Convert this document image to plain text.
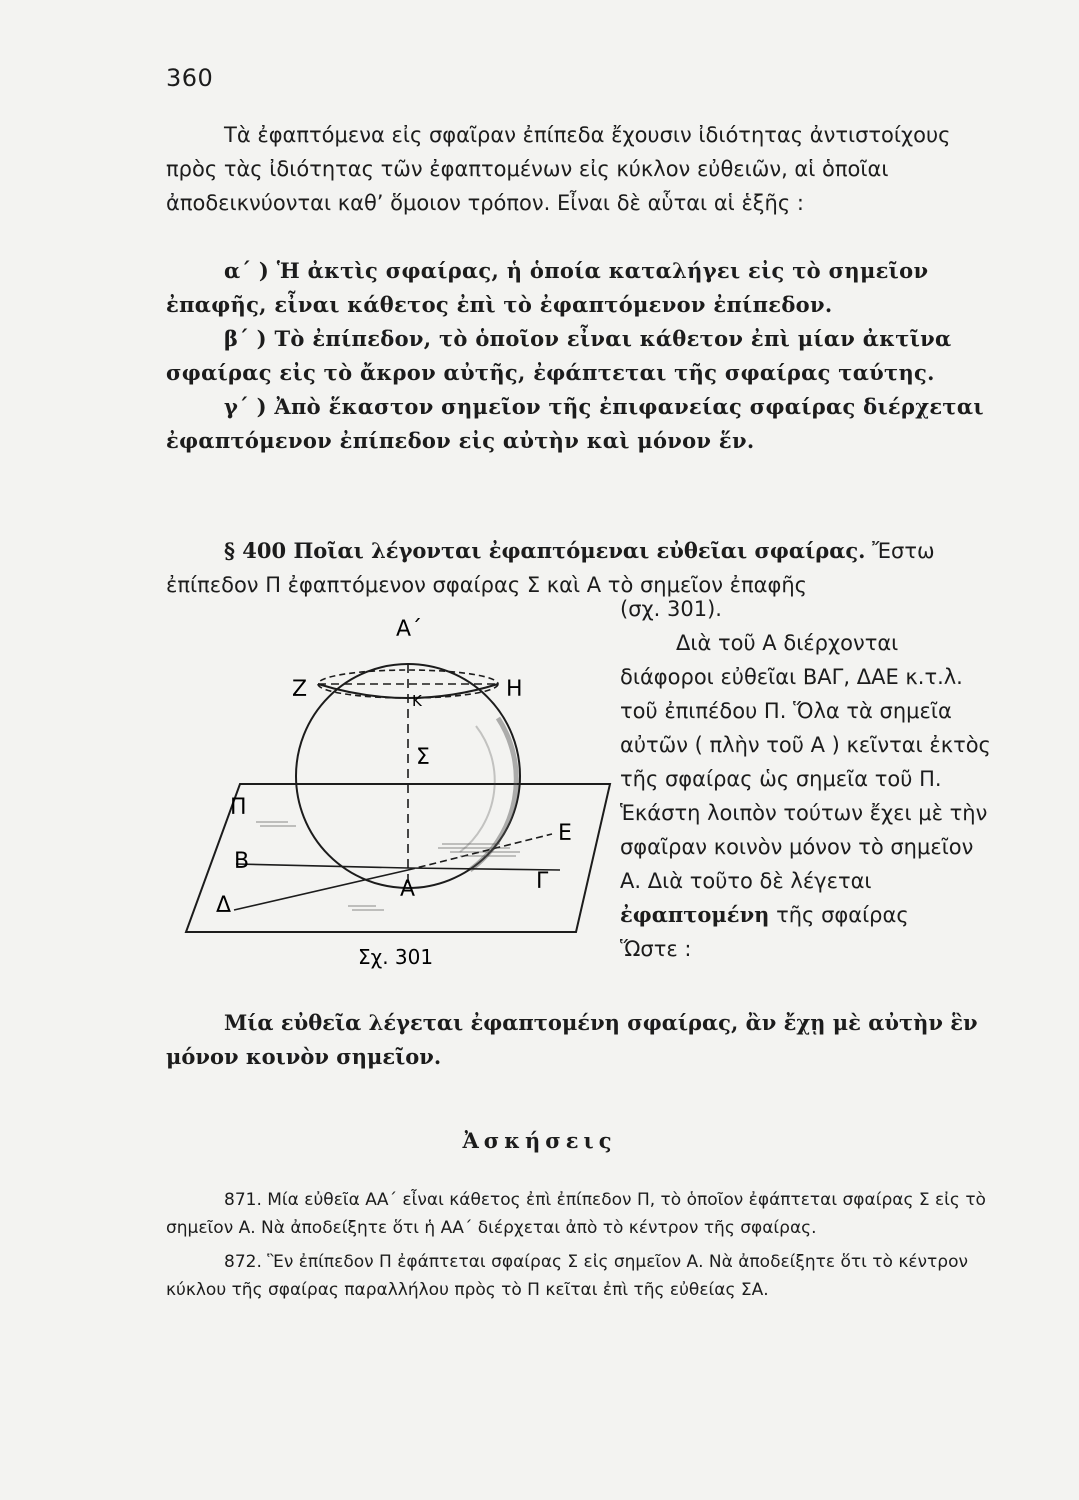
360

Τὰ ἐφαπτόμενα εἰς σφαῖραν ἐπίπεδα ἔχουσιν ἰδιότητας ἀντιστοίχους πρὸς τὰς ἰδιότητας τῶν ἐφαπτομένων εἰς κύκλον εὐθειῶν, αἱ ὁποῖαι ἀποδεικνύονται καθ’ ὅμοιον τρόπον. Εἶναι δὲ αὗται αἱ ἑξῆς :

α΄ ) Ἡ ἀκτὶς σφαίρας, ἡ ὁποία καταλήγει εἰς τὸ σημεῖον ἐπαφῆς, εἶναι κάθετος ἐπὶ τὸ ἐφαπτόμενον ἐπίπεδον.

β΄ ) Τὸ ἐπίπεδον, τὸ ὁποῖον εἶναι κάθετον ἐπὶ μίαν ἀκτῖνα σφαίρας εἰς τὸ ἄκρον αὐτῆς, ἐφάπτεται τῆς σφαίρας ταύτης.

γ΄ ) Ἀπὸ ἕκαστον σημεῖον τῆς ἐπιφανείας σφαίρας διέρχεται ἐφαπτόμενον ἐπίπεδον εἰς αὐτὴν καὶ μόνον ἕν.

§ 400 Ποῖαι λέγονται ἐφαπτόμεναι εὐθεῖαι σφαίρας. Ἔστω ἐπίπεδον Π ἐφαπτόμενον σφαίρας Σ καὶ Α τὸ σημεῖον ἐπαφῆς

(σχ. 301).
Α΄
Ζ	Η
Κ
Σ
Π
Β
Α	Γ
Ε
Δ
Σχ. 301

Διὰ τοῦ Α διέρχονται διάφοροι εὐθεῖαι ΒΑΓ, ΔΑΕ κ.τ.λ. τοῦ ἐπιπέδου Π. Ὅλα τὰ σημεῖα αὐτῶν ( πλὴν τοῦ Α ) κεῖνται ἐκτὸς τῆς σφαίρας ὡς σημεῖα τοῦ Π. Ἑκάστη λοιπὸν τούτων ἔχει μὲ τὴν σφαῖραν κοινὸν μόνον τὸ σημεῖον Α. Διὰ τοῦτο δὲ λέγεται
ἐφαπτομένη τῆς σφαίρας
Ὥστε :

Μία εὐθεῖα λέγεται ἐφαπτομένη σφαίρας, ἂν ἔχῃ μὲ αὐτὴν ἓν μόνον κοινὸν σημεῖον.

Ἀσκήσεις

871. Μία εὐθεῖα ΑΑ΄ εἶναι κάθετος ἐπὶ ἐπίπεδον Π, τὸ ὁποῖον ἐφάπτεται σφαίρας Σ εἰς τὸ σημεῖον Α. Νὰ ἀποδείξητε ὅτι ἡ ΑΑ΄ διέρχεται ἀπὸ τὸ κέντρον τῆς σφαίρας.

872. Ἓν ἐπίπεδον Π ἐφάπτεται σφαίρας Σ εἰς σημεῖον Α. Νὰ ἀποδείξητε ὅτι τὸ κέντρον κύκλου τῆς σφαίρας παραλλήλου πρὸς τὸ Π κεῖται ἐπὶ τῆς εὐθείας ΣΑ.
